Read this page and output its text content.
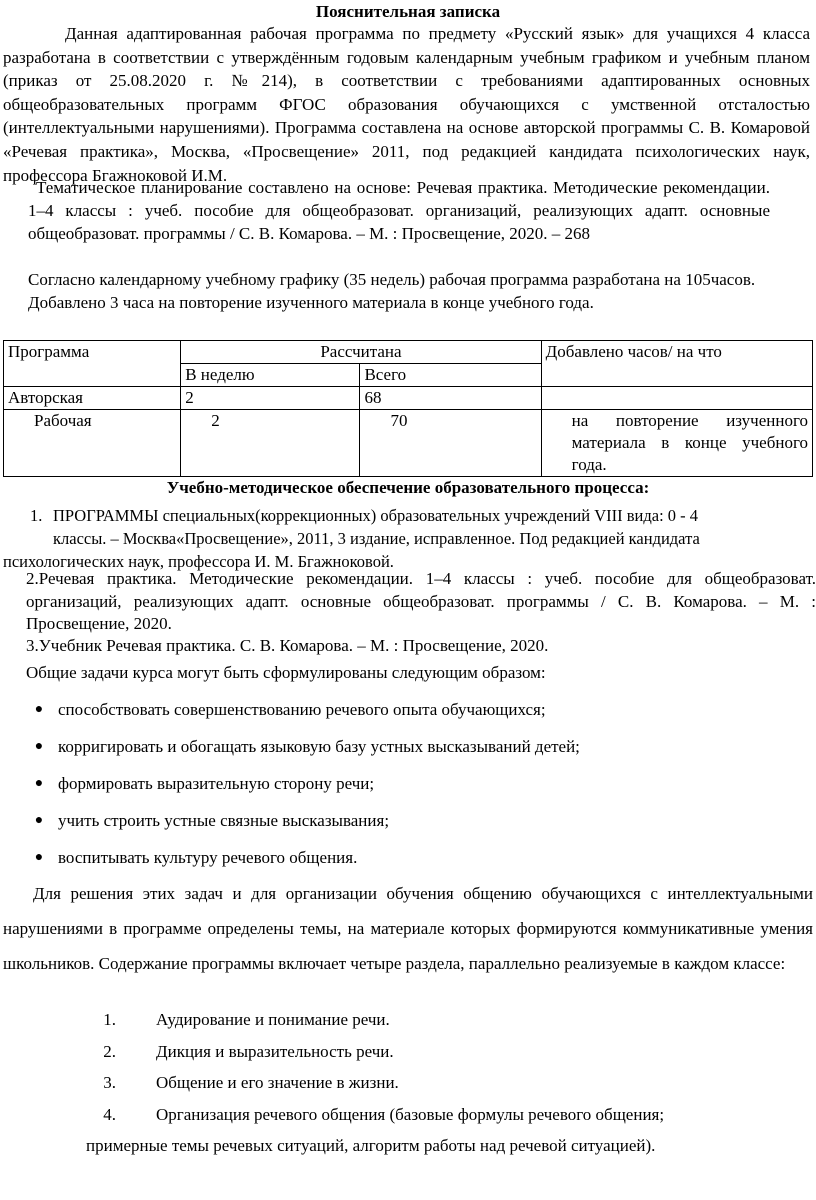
Пояснительная записка
Данная адаптированная рабочая программа по предмету «Русский язык» для учащихся 4 класса разработана в соответствии с утверждённым годовым календарным учебным графиком и учебным планом (приказ от 25.08.2020 г. №214), в соответствии с требованиями адаптированных основных общеобразовательных программ ФГОС образования обучающихся с умственной отсталостью (интеллектуальными нарушениями). Программа составлена на основе авторской программы С. В. Комаровой «Речевая практика», Москва, «Просвещение» 2011, под редакцией кандидата психологических наук, профессора Бгажноковой И.М.
Тематическое планирование составлено на основе: Речевая практика. Методические рекомендации. 1–4 классы : учеб. пособие для общеобразоват. организаций, реализующих адапт. основные общеобразоват. программы / С. В. Комарова. – М. : Просвещение, 2020. – 268
Согласно календарному учебному графику (35 недель) рабочая программа разработана на 105часов. Добавлено 3 часа на повторение изученного материала в конце учебного года.
Программа	Рассчитана		Добавлено часов/ на что
	В неделю	Всего	
Авторская	2	68	
Рабочая	2	70	на повторение изученного материала в конце учебного года.
Учебно-методическое обеспечение образовательного процесса:
1. ПРОГРАММЫ специальных(коррекционных) образовательных учреждений VIII вида: 0 - 4
классы. – Москва«Просвещение», 2011, 3 издание, исправленное. Под редакцией кандидата
психологических наук, профессора И. М. Бгажноковой.
2.Речевая практика. Методические рекомендации. 1–4 классы : учеб. пособие для общеобразоват. организаций, реализующих адапт. основные общеобразоват. программы / С. В. Комарова. – М. : Просвещение, 2020.
3.Учебник Речевая практика. С. В. Комарова. – М. : Просвещение, 2020.
Общие задачи курса могут быть сформулированы следующим образом:
● способствовать совершенствованию речевого опыта обучающихся;
● корригировать и обогащать языковую базу устных высказываний детей;
● формировать выразительную сторону речи;
● учить строить устные связные высказывания;
● воспитывать культуру речевого общения.
Для решения этих задач и для организации обучения общению обучающихся с интеллектуальными нарушениями в программе определены темы, на материале которых формируются коммуникативные умения школьников. Содержание программы включает четыре раздела, параллельно реализуемые в каждом классе:
1. Аудирование и понимание речи.
2. Дикция и выразительность речи.
3. Общение и его значение в жизни.
4. Организация речевого общения (базовые формулы речевого общения;
примерные темы речевых ситуаций, алгоритм работы над речевой ситуацией).
